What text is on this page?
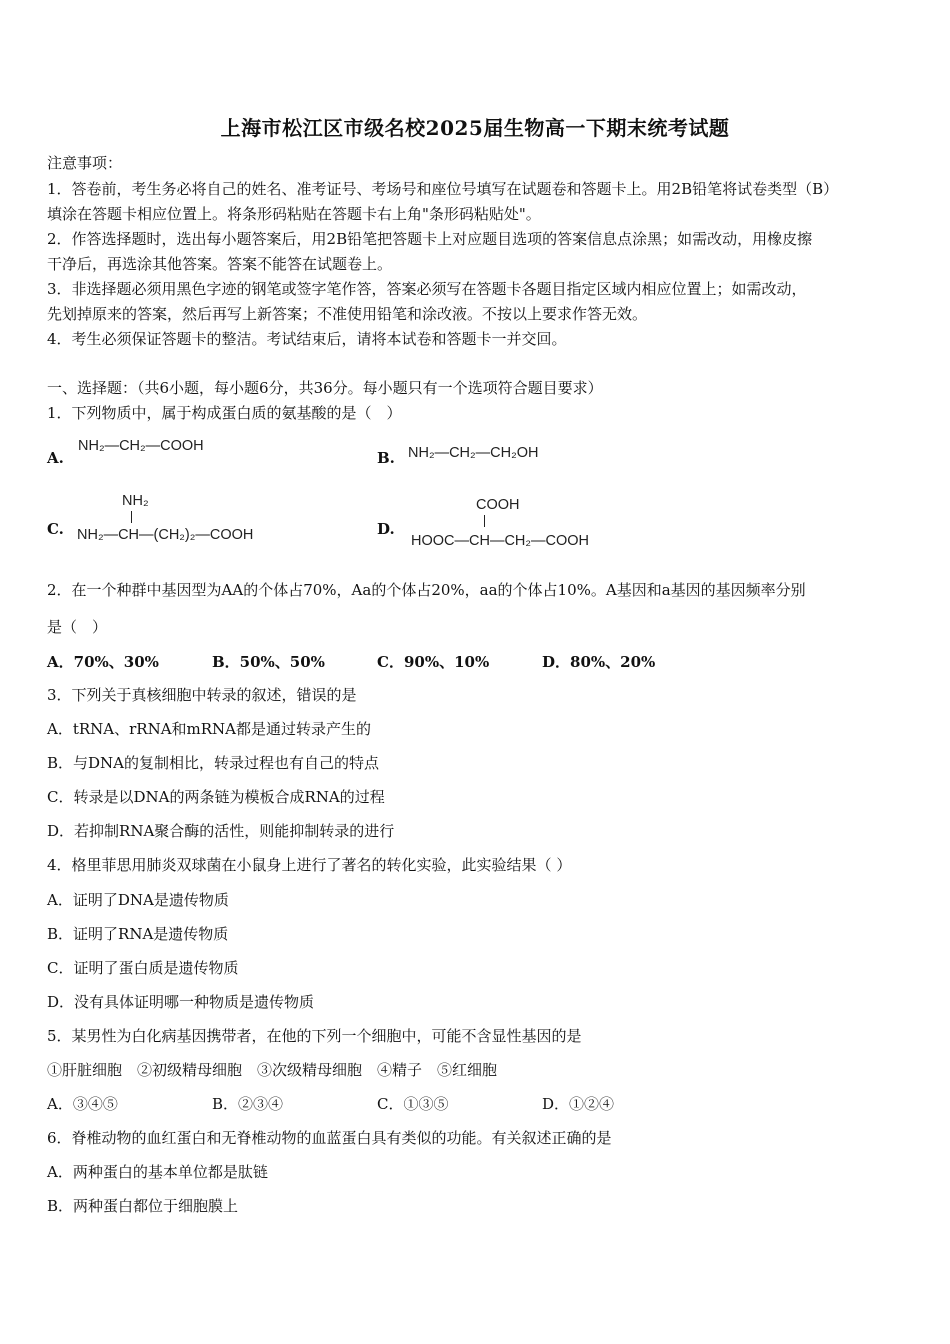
上海市松江区市级名校2025届生物高一下期末统考试题
注意事项：
1．答卷前，考生务必将自己的姓名、准考证号、考场号和座位号填写在试题卷和答题卡上。用2B铅笔将试卷类型（B）
填涂在答题卡相应位置上。将条形码粘贴在答题卡右上角"条形码粘贴处"。
2．作答选择题时，选出每小题答案后，用2B铅笔把答题卡上对应题目选项的答案信息点涂黑；如需改动，用橡皮擦
干净后，再选涂其他答案。答案不能答在试题卷上。
3．非选择题必须用黑色字迹的钢笔或签字笔作答，答案必须写在答题卡各题目指定区域内相应位置上；如需改动，
先划掉原来的答案，然后再写上新答案；不准使用铅笔和涂改液。不按以上要求作答无效。
4．考生必须保证答题卡的整洁。考试结束后，请将本试卷和答题卡一并交回。
一、选择题：（共6小题，每小题6分，共36分。每小题只有一个选项符合题目要求）
1．下列物质中，属于构成蛋白质的氨基酸的是（　）
A.
NH₂—CH₂—COOH
B. NH₂—CH₂—CH₂OH
C.
NH₂
NH₂—CH—(CH₂)₂—COOH	D.
COOH
HOOC—CH—CH₂—COOH
2．在一个种群中基因型为AA的个体占70%，Aa的个体占20%，aa的个体占10%。A基因和a基因的基因频率分别
是（　）
A．70%、30%	B．50%、50%	C．90%、10%	D．80%、20%
3．下列关于真核细胞中转录的叙述，错误的是
A．tRNA、rRNA和mRNA都是通过转录产生的
B．与DNA的复制相比，转录过程也有自己的特点
C．转录是以DNA的两条链为模板合成RNA的过程
D．若抑制RNA聚合酶的活性，则能抑制转录的进行
4．格里菲思用肺炎双球菌在小鼠身上进行了著名的转化实验，此实验结果（ ）
A．证明了DNA是遗传物质
B．证明了RNA是遗传物质
C．证明了蛋白质是遗传物质
D．没有具体证明哪一种物质是遗传物质
5．某男性为白化病基因携带者，在他的下列一个细胞中，可能不含显性基因的是
①肝脏细胞　②初级精母细胞　③次级精母细胞　④精子　⑤红细胞
A．③④⑤	B．②③④	C．①③⑤	D．①②④
6．脊椎动物的血红蛋白和无脊椎动物的血蓝蛋白具有类似的功能。有关叙述正确的是
A．两种蛋白的基本单位都是肽链
B．两种蛋白都位于细胞膜上
